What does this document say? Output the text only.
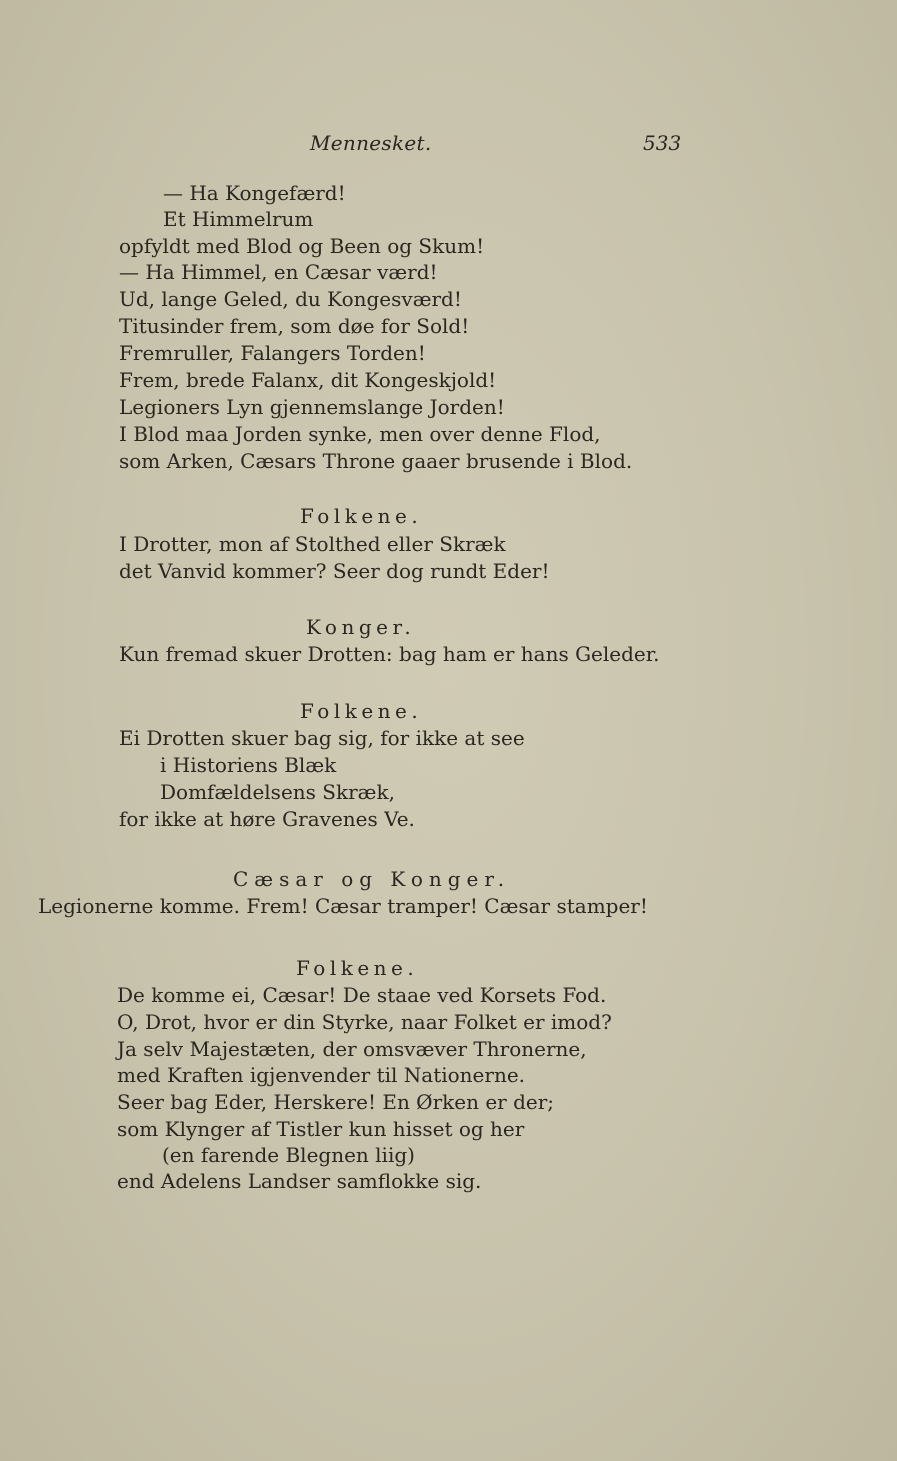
Mennesket.	533
— Ha Kongefærd!
Et Himmelrum
opfyldt med Blod og Been og Skum!
— Ha Himmel, en Cæsar værd!
Ud, lange Geled, du Kongesværd!
Titusinder frem, som døe for Sold!
Fremruller, Falangers Torden!
Frem, brede Falanx, dit Kongeskjold!
Legioners Lyn gjennemslange Jorden!
I Blod maa Jorden synke, men over denne Flod,
som Arken, Cæsars Throne gaaer brusende i Blod.
Folkene.
I Drotter, mon af Stolthed eller Skræk
det Vanvid kommer? Seer dog rundt Eder!
Konger.
Kun fremad skuer Drotten: bag ham er hans Geleder.
Folkene.
Ei Drotten skuer bag sig, for ikke at see
i Historiens Blæk
Domfældelsens Skræk,
for ikke at høre Gravenes Ve.
Cæsar og Konger.
Legionerne komme. Frem! Cæsar tramper! Cæsar stamper!
Folkene.
De komme ei, Cæsar! De staae ved Korsets Fod.
O, Drot, hvor er din Styrke, naar Folket er imod?
Ja selv Majestæten, der omsvæver Thronerne,
med Kraften igjenvender til Nationerne.
Seer bag Eder, Herskere! En Ørken er der;
som Klynger af Tistler kun hisset og her
(en farende Blegnen liig)
end Adelens Landser samflokke sig.
